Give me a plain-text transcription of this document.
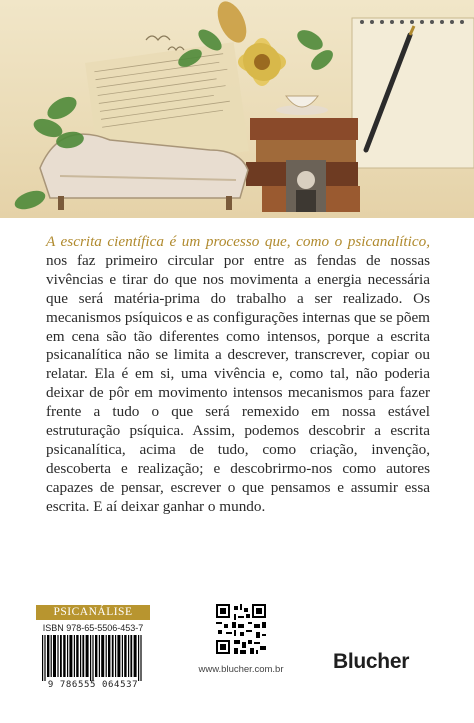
A escrita científica é um processo que, como o psicanalítico, nos faz primeiro circular por entre as fendas de nossas vivências e tirar do que nos movimenta a energia necessária que será matéria-prima do trabalho a ser realizado. Os mecanismos psíquicos e as configurações internas que se põem em cena são tão diferentes como intensos, porque a escrita psicanalítica não se limita a descrever, transcrever, copiar ou relatar. Ela é em si, uma vivência e, como tal, não poderia deixar de pôr em movimento intensos mecanismos para fazer frente a tudo o que será remexido em nossa estável estruturação psíquica. Assim, podemos descobrir a escrita psicanalítica, acima de tudo, como criação, invenção, descoberta e realização; e descobrirmo-nos como autores capazes de pensar, escrever o que pensamos e assumir essa escrita. E aí deixar ganhar o mundo.

PSICANÁLISE
ISBN 978-65-5506-453-7
9 786555 064537
www.blucher.com.br	Blucher
